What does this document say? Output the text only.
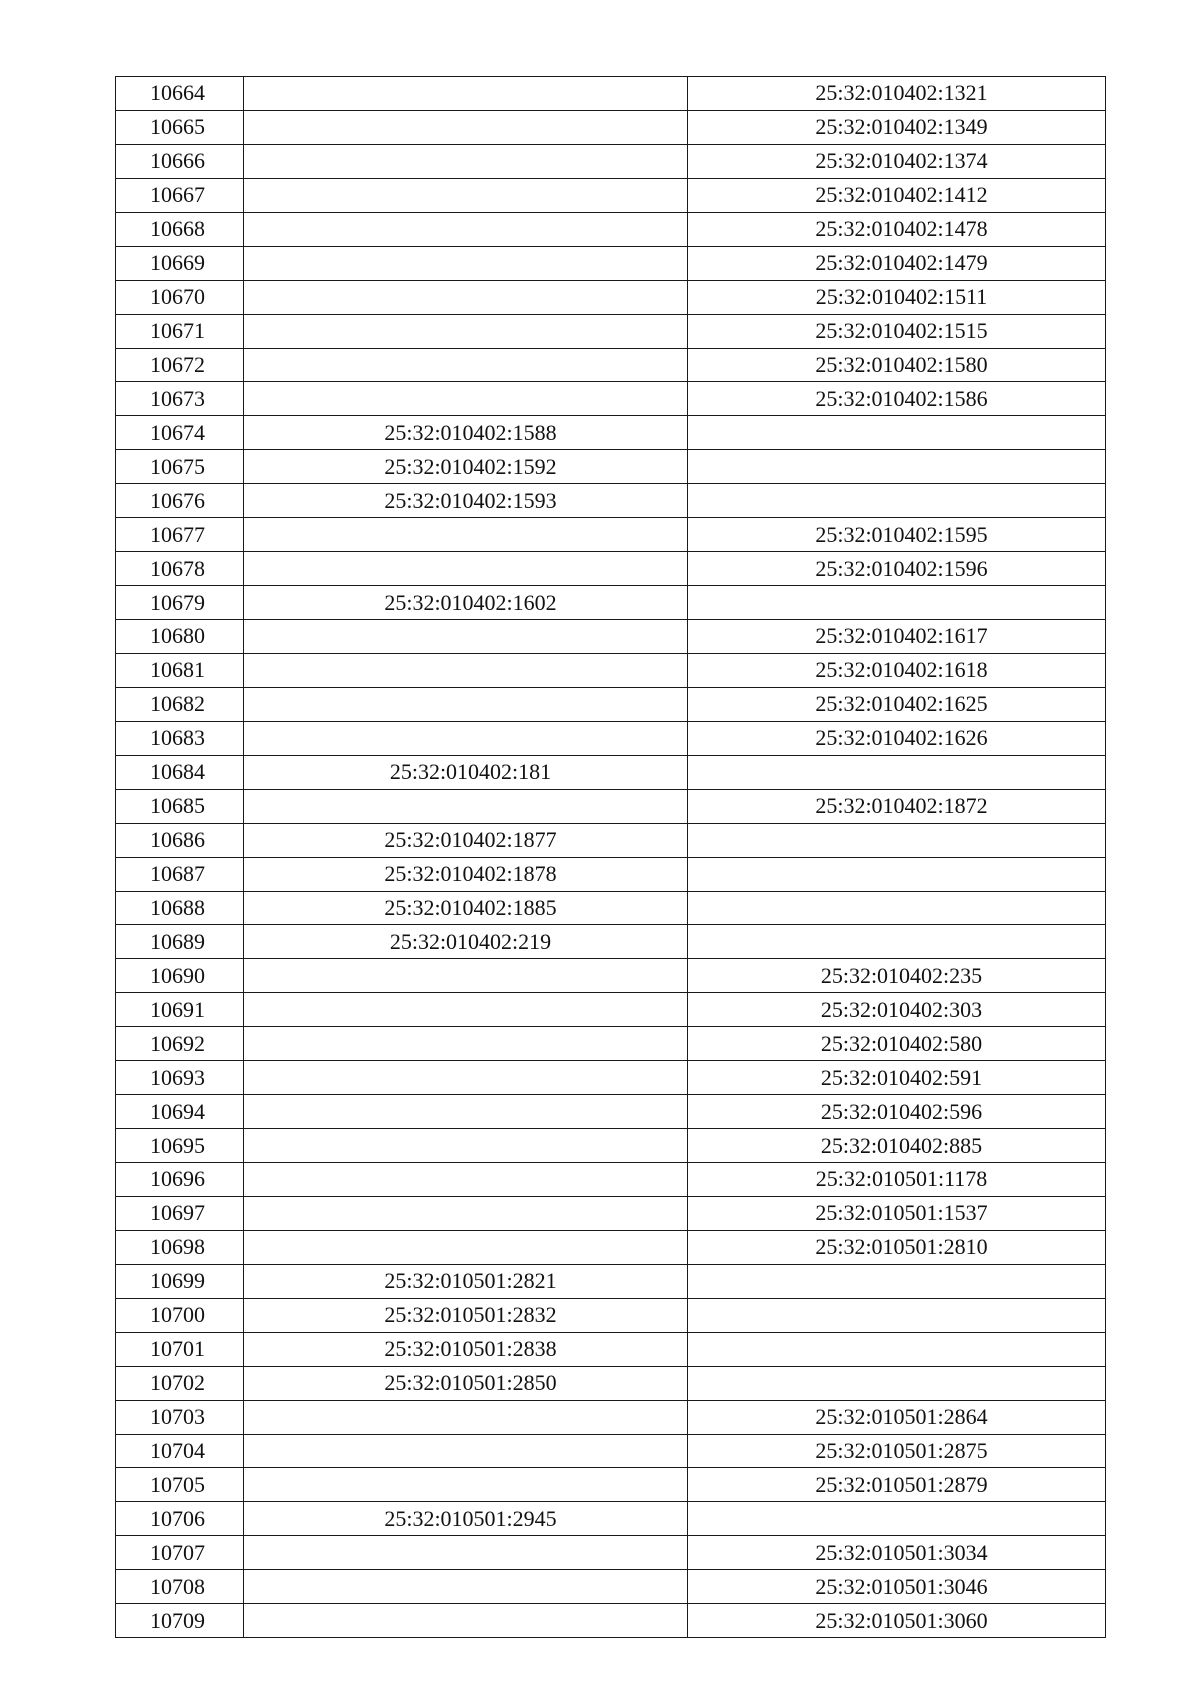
10664		25:32:010402:1321
10665		25:32:010402:1349
10666		25:32:010402:1374
10667		25:32:010402:1412
10668		25:32:010402:1478
10669		25:32:010402:1479
10670		25:32:010402:1511
10671		25:32:010402:1515
10672		25:32:010402:1580
10673		25:32:010402:1586
10674	25:32:010402:1588	
10675	25:32:010402:1592	
10676	25:32:010402:1593	
10677		25:32:010402:1595
10678		25:32:010402:1596
10679	25:32:010402:1602	
10680		25:32:010402:1617
10681		25:32:010402:1618
10682		25:32:010402:1625
10683		25:32:010402:1626
10684	25:32:010402:181	
10685		25:32:010402:1872
10686	25:32:010402:1877	
10687	25:32:010402:1878	
10688	25:32:010402:1885	
10689	25:32:010402:219	
10690		25:32:010402:235
10691		25:32:010402:303
10692		25:32:010402:580
10693		25:32:010402:591
10694		25:32:010402:596
10695		25:32:010402:885
10696		25:32:010501:1178
10697		25:32:010501:1537
10698		25:32:010501:2810
10699	25:32:010501:2821	
10700	25:32:010501:2832	
10701	25:32:010501:2838	
10702	25:32:010501:2850	
10703		25:32:010501:2864
10704		25:32:010501:2875
10705		25:32:010501:2879
10706	25:32:010501:2945	
10707		25:32:010501:3034
10708		25:32:010501:3046
10709		25:32:010501:3060
